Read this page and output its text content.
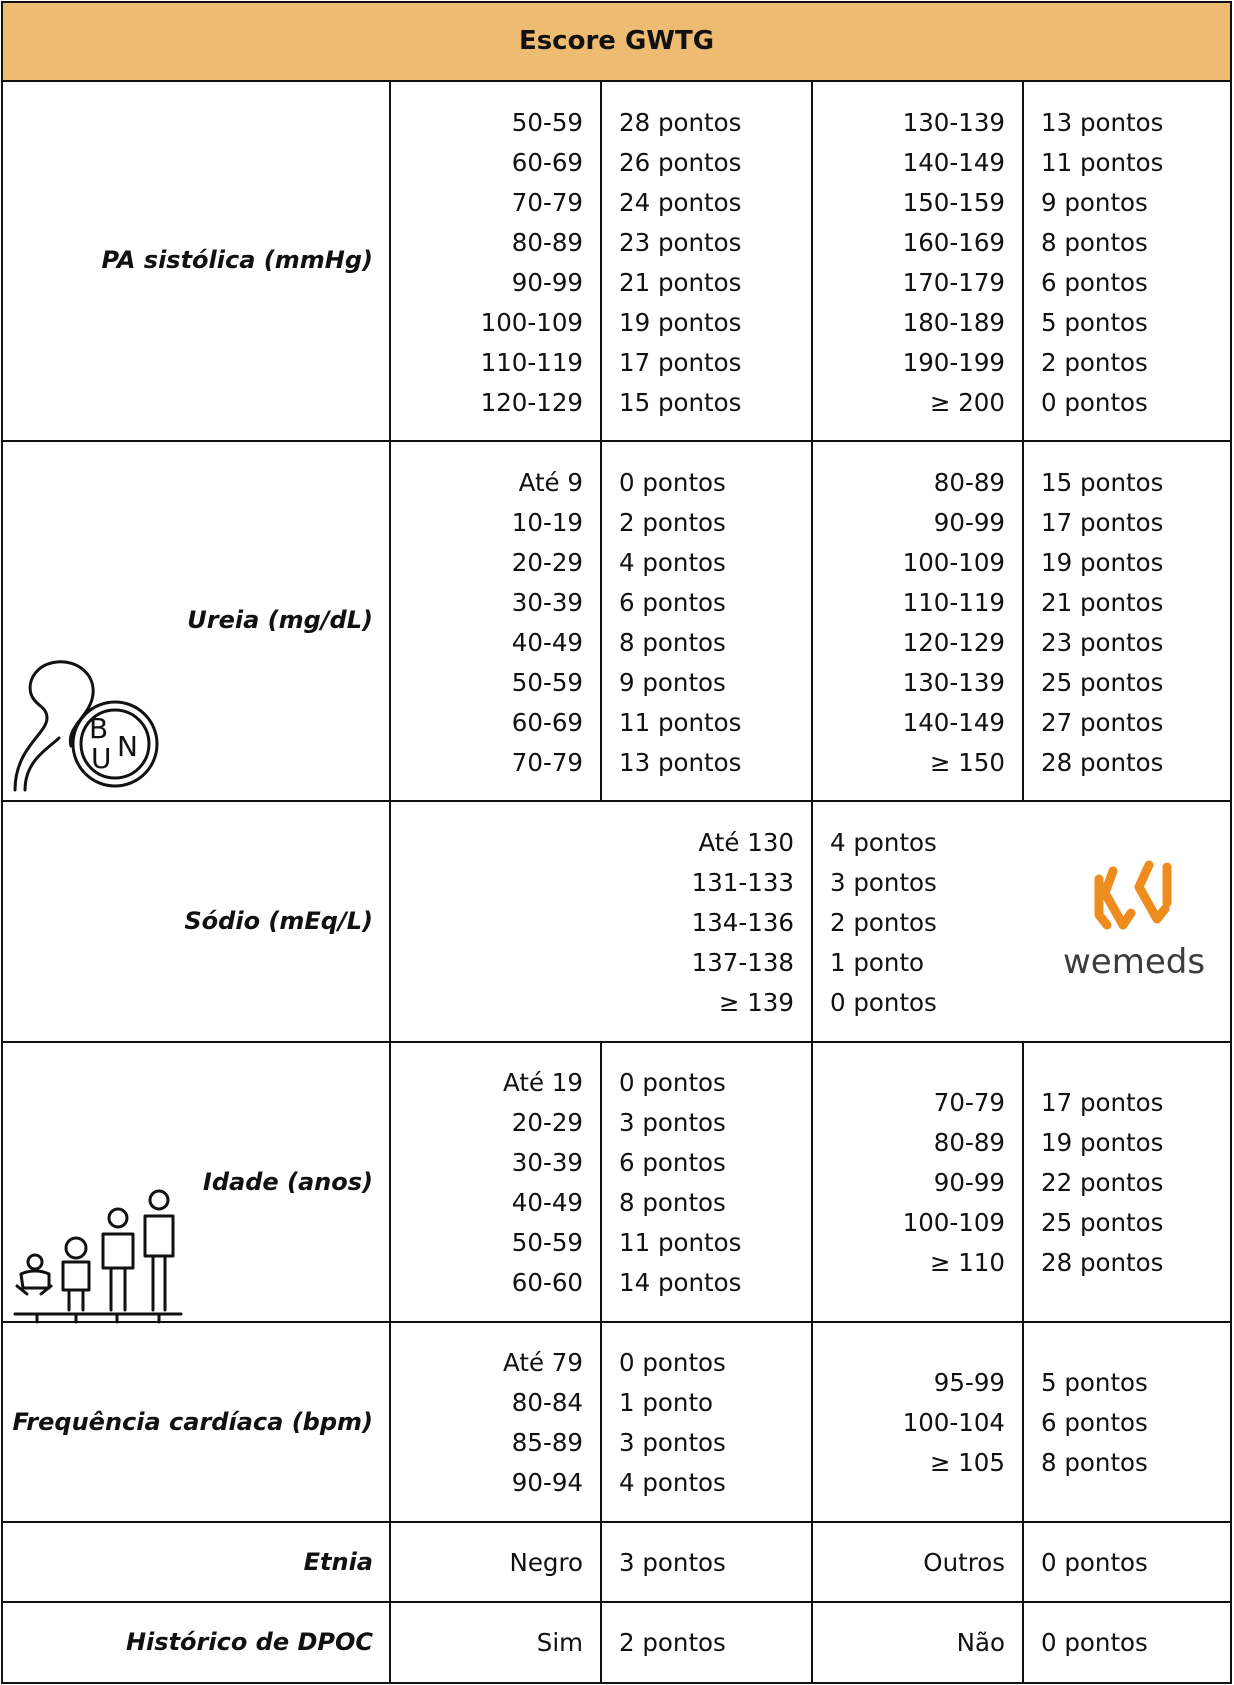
Escore GWTG
PA sistólica (mmHg)
Ureia (mg/dL)
Sódio (mEq/L)
Idade (anos)
Frequência cardíaca (bpm)
Etnia
Histórico de DPOC
50-59
60-69
70-79
80-89
90-99
100-109
110-119
120-129
28 pontos
26 pontos
24 pontos
23 pontos
21 pontos
19 pontos
17 pontos
15 pontos
130-139
140-149
150-159
160-169
170-179
180-189
190-199
≥ 200
13 pontos
11 pontos
9 pontos
8 pontos
6 pontos
5 pontos
2 pontos
0 pontos
Até 9
10-19
20-29
30-39
40-49
50-59
60-69
70-79
0 pontos
2 pontos
4 pontos
6 pontos
8 pontos
9 pontos
11 pontos
13 pontos
80-89
90-99
100-109
110-119
120-129
130-139
140-149
≥ 150
15 pontos
17 pontos
19 pontos
21 pontos
23 pontos
25 pontos
27 pontos
28 pontos
Até 130
131-133
134-136
137-138
≥ 139
4 pontos
3 pontos
2 pontos
1 ponto
0 pontos
Até 19
20-29
30-39
40-49
50-59
60-60
0 pontos
3 pontos
6 pontos
8 pontos
11 pontos
14 pontos
70-79
80-89
90-99
100-109
≥ 110
17 pontos
19 pontos
22 pontos
25 pontos
28 pontos
Até 79
80-84
85-89
90-94
0 pontos
1 ponto
3 pontos
4 pontos
95-99
100-104
≥ 105
5 pontos
6 pontos
8 pontos
Negro 3 pontos	Outros 0 pontos
Sim 2 pontos	Não 0 pontos
B
U N
wemeds
